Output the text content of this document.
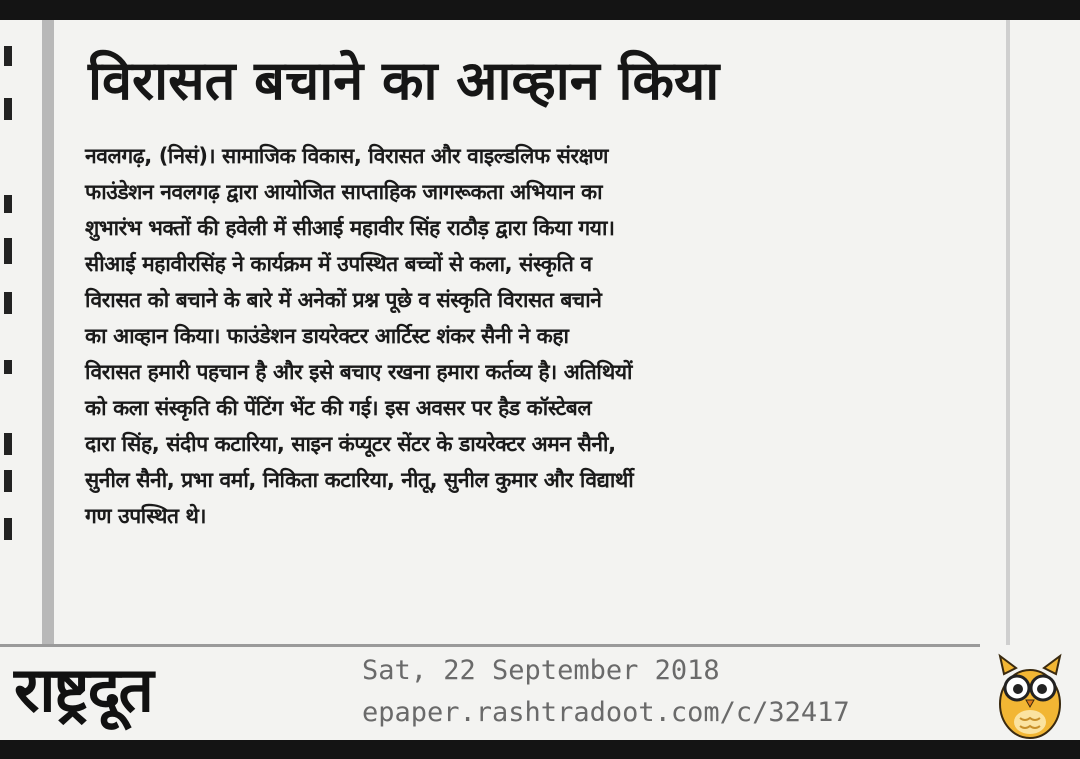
विरासत बचाने का आव्हान किया
नवलगढ़, (निसं)। सामाजिक विकास, विरासत और वाइल्डलिफ संरक्षण
फाउंडेशन नवलगढ़ द्वारा आयोजित साप्ताहिक जागरूकता अभियान का
शुभारंभ भक्तों की हवेली में सीआई महावीर सिंह राठौड़ द्वारा किया गया।
सीआई महावीरसिंह ने कार्यक्रम में उपस्थित बच्चों से कला, संस्कृति व
विरासत को बचाने के बारे में अनेकों प्रश्न पूछे व संस्कृति विरासत बचाने
का आव्हान किया। फाउंडेशन डायरेक्टर आर्टिस्ट शंकर सैनी ने कहा
विरासत हमारी पहचान है और इसे बचाए रखना हमारा कर्तव्य है। अतिथियों
को कला संस्कृति की पेंटिंग भेंट की गई। इस अवसर पर हैड कॉस्टेबल
दारा सिंह, संदीप कटारिया, साइन कंप्यूटर सेंटर के डायरेक्टर अमन सैनी,
सुनील सैनी, प्रभा वर्मा, निकिता कटारिया, नीतू, सुनील कुमार और विद्यार्थी
गण उपस्थित थे।
राष्ट्रदूत	Sat, 22 September 2018
epaper.rashtradoot.com/c/32417
